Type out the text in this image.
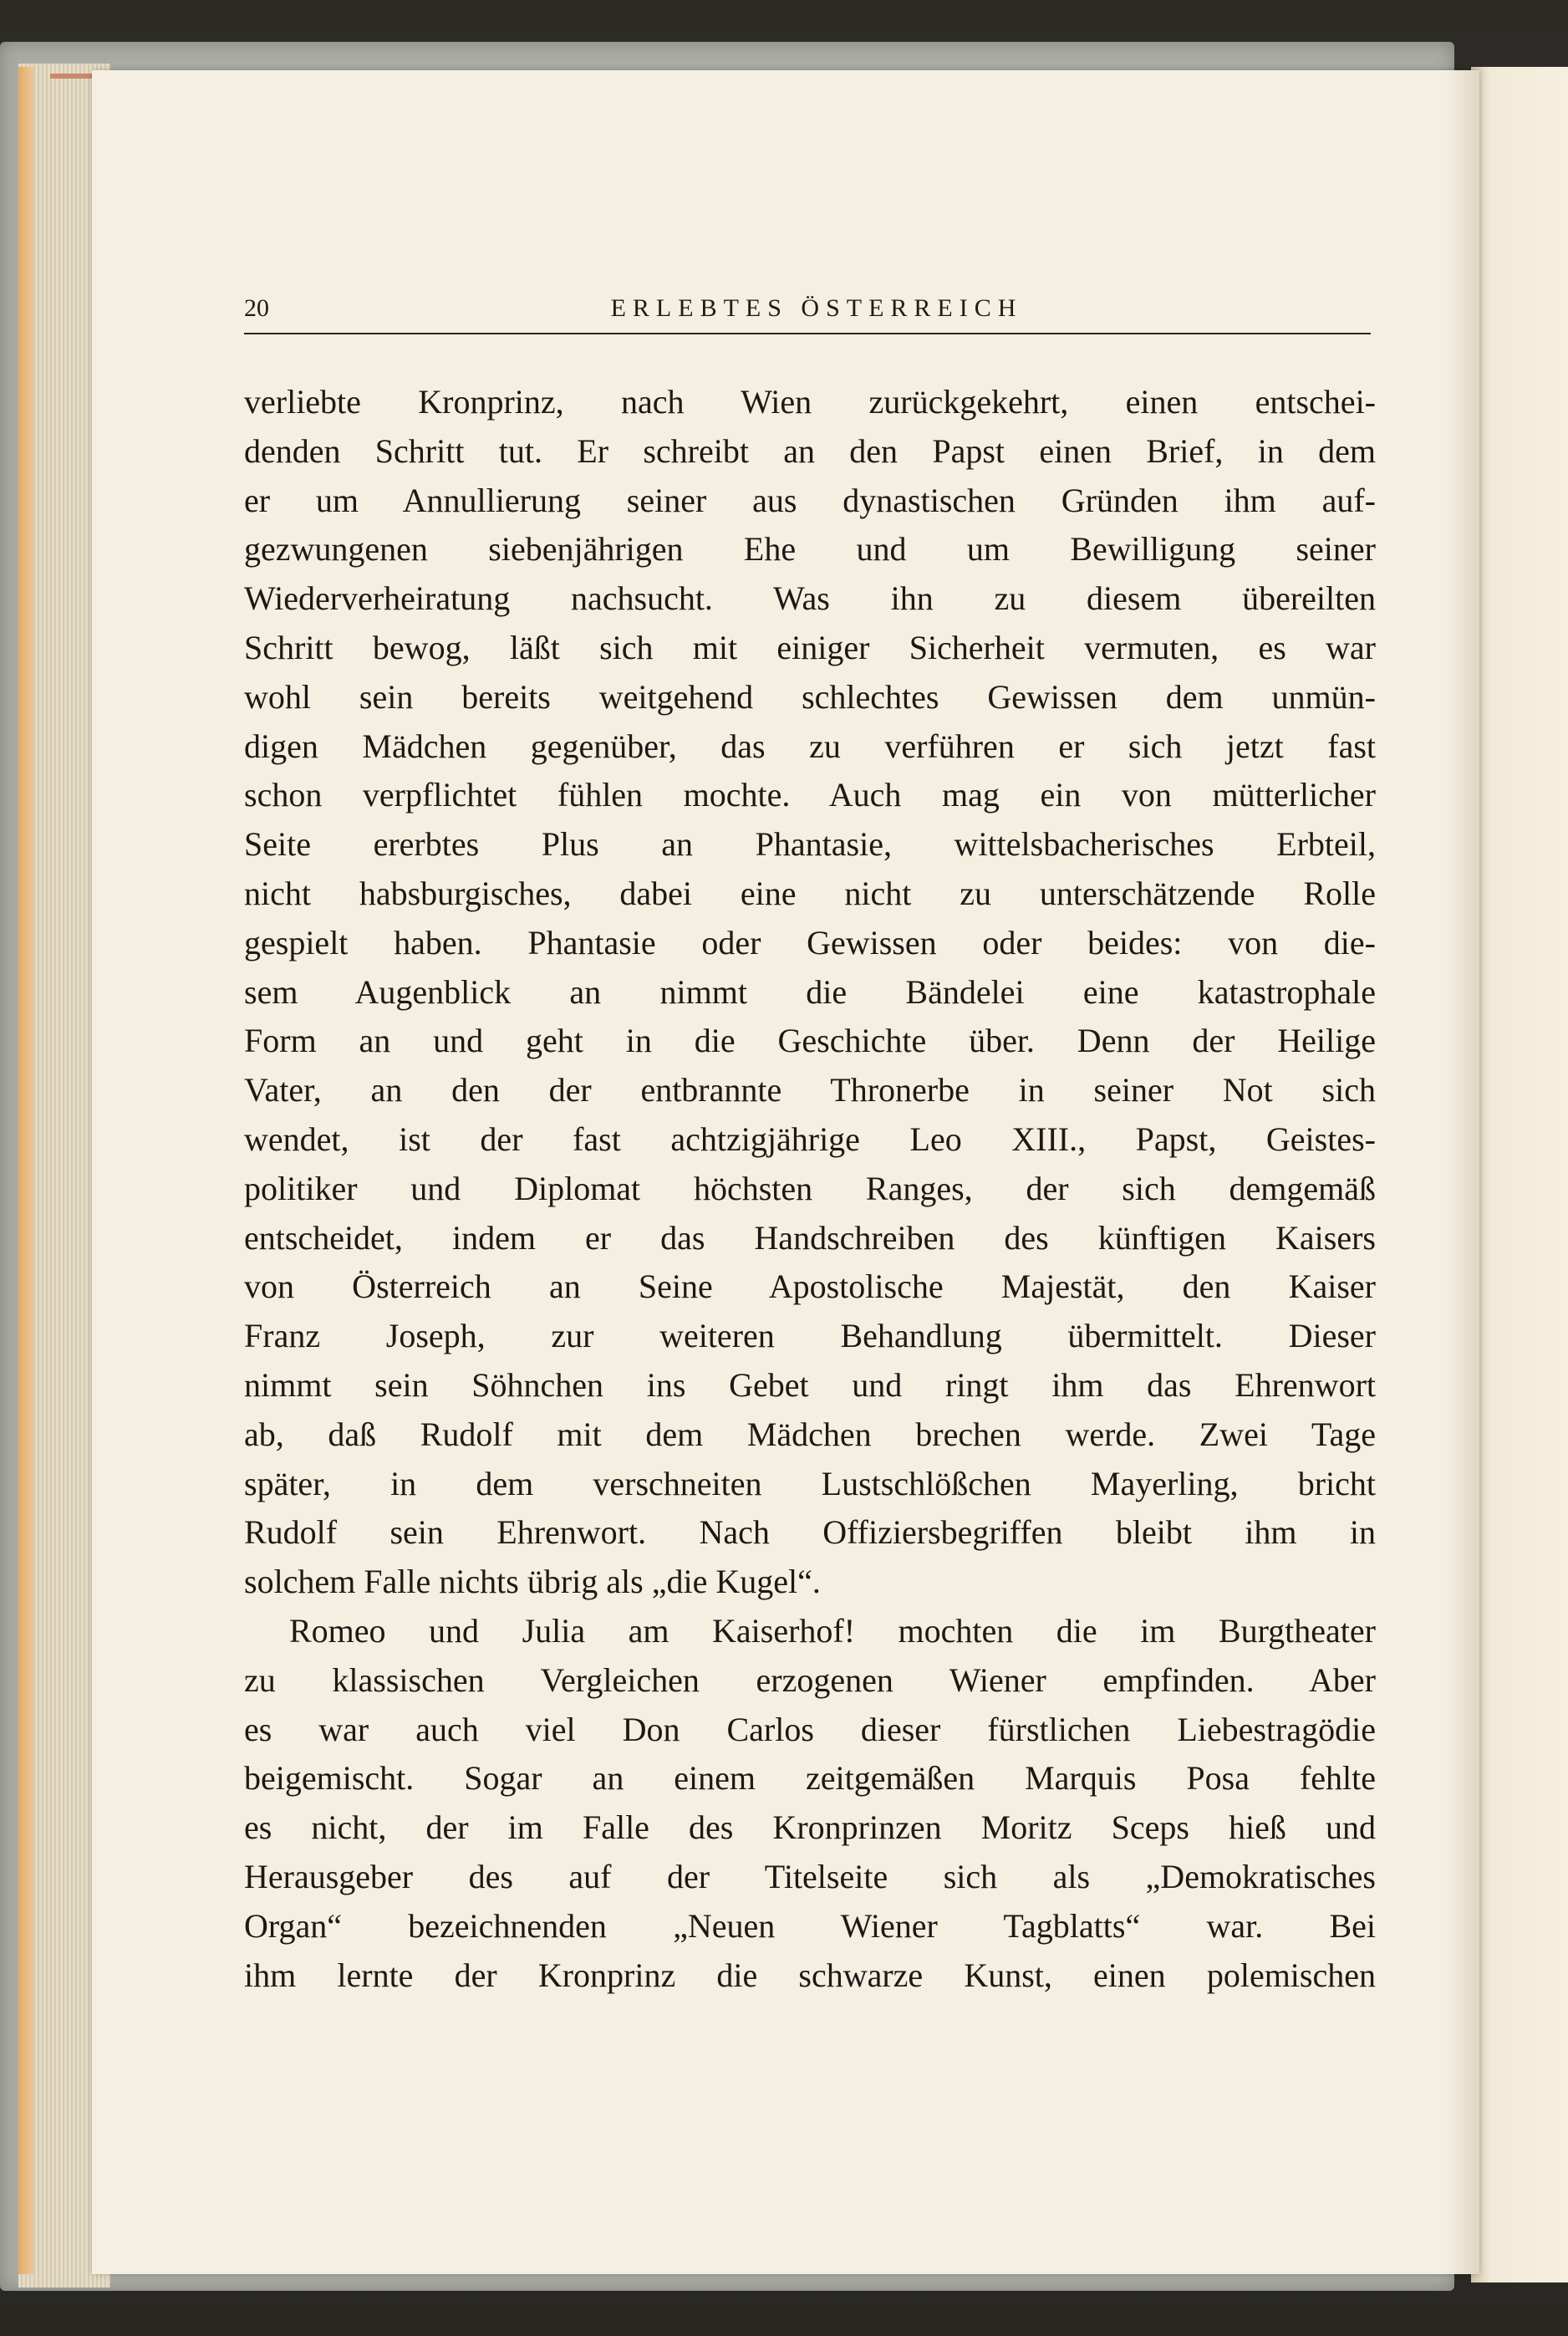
20	ERLEBTES ÖSTERREICH

verliebte Kronprinz, nach Wien zurückgekehrt, einen entschei-
denden Schritt tut. Er schreibt an den Papst einen Brief, in dem
er um Annullierung seiner aus dynastischen Gründen ihm auf-
gezwungenen siebenjährigen Ehe und um Bewilligung seiner
Wiederverheiratung nachsucht. Was ihn zu diesem übereilten
Schritt bewog, läßt sich mit einiger Sicherheit vermuten, es war
wohl sein bereits weitgehend schlechtes Gewissen dem unmün-
digen Mädchen gegenüber, das zu verführen er sich jetzt fast
schon verpflichtet fühlen mochte. Auch mag ein von mütterlicher
Seite ererbtes Plus an Phantasie, wittelsbacherisches Erbteil,
nicht habsburgisches, dabei eine nicht zu unterschätzende Rolle
gespielt haben. Phantasie oder Gewissen oder beides: von die-
sem Augenblick an nimmt die Bändelei eine katastrophale
Form an und geht in die Geschichte über. Denn der Heilige
Vater, an den der entbrannte Thronerbe in seiner Not sich
wendet, ist der fast achtzigjährige Leo XIII., Papst, Geistes-
politiker und Diplomat höchsten Ranges, der sich demgemäß
entscheidet, indem er das Handschreiben des künftigen Kaisers
von Österreich an Seine Apostolische Majestät, den Kaiser
Franz Joseph, zur weiteren Behandlung übermittelt. Dieser
nimmt sein Söhnchen ins Gebet und ringt ihm das Ehrenwort
ab, daß Rudolf mit dem Mädchen brechen werde. Zwei Tage
später, in dem verschneiten Lustschlößchen Mayerling, bricht
Rudolf sein Ehrenwort. Nach Offiziersbegriffen bleibt ihm in
solchem Falle nichts übrig als „die Kugel“.

Romeo und Julia am Kaiserhof! mochten die im Burgtheater
zu klassischen Vergleichen erzogenen Wiener empfinden. Aber
es war auch viel Don Carlos dieser fürstlichen Liebestragödie
beigemischt. Sogar an einem zeitgemäßen Marquis Posa fehlte
es nicht, der im Falle des Kronprinzen Moritz Sceps hieß und
Herausgeber des auf der Titelseite sich als „Demokratisches
Organ“ bezeichnenden „Neuen Wiener Tagblatts“ war. Bei
ihm lernte der Kronprinz die schwarze Kunst, einen polemischen
